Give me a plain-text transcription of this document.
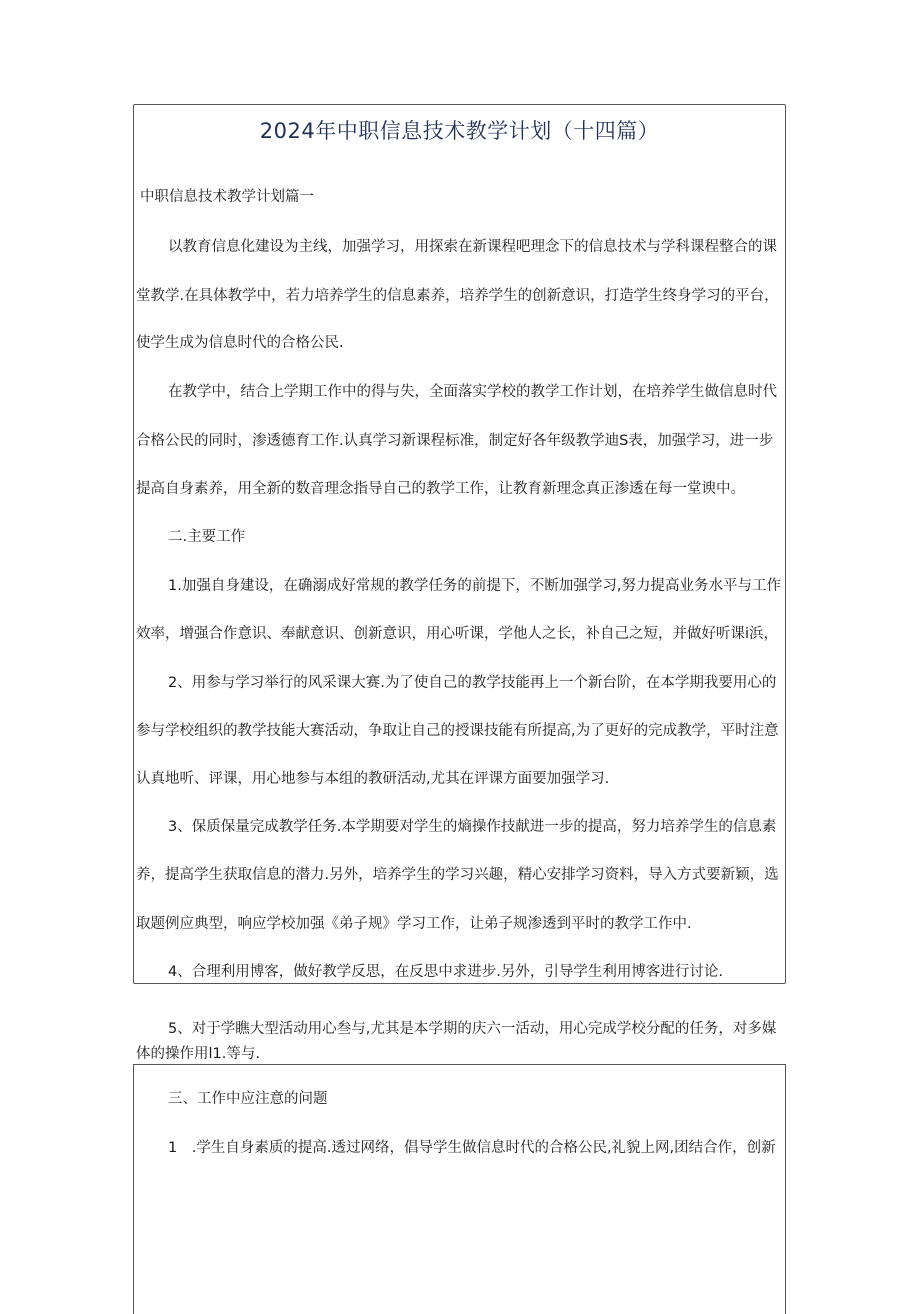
2024年中职信息技术教学计划（十四篇）
中职信息技术教学计划篇一
以教育信息化建设为主线，加强学习，用探索在新课程吧理念下的信息技术与学科课程整合的课
堂教学.在具体教学中，若力培养学生的信息素养，培养学生的创新意识，打造学生终身学习的平台，
使学生成为信息时代的合格公民.
在教学中，结合上学期工作中的得与失，全面落实学校的教学工作计划，在培养学生做信息时代
合格公民的同时，渗透德育工作.认真学习新课程标准，制定好各年级教学迪S表，加强学习，进一步
提高自身素养，用全新的数音理念指导自己的教学工作，让教育新理念真正渗透在每一堂谀中。
二.主要工作
1.加强自身建设，在确溺成好常规的教学任务的前提下，不断加强学习,努力提高业务水平与工作
效率，增强合作意识、奉献意识、创新意识，用心听课，学他人之长，补自己之短，并做好听课i浜，
2、用参与学习举行的风采课大赛.为了使自己的教学技能再上一个新台阶，在本学期我要用心的
参与学校组织的教学技能大赛活动，争取让自己的授课技能有所提高,为了更好的完成教学，平时注意
认真地听、评课，用心地参与本组的教研活动,尤其在评课方面要加强学习.
3、保质保量完成教学任务.本学期要对学生的熵操作技献进一步的提高，努力培养学生的信息素
养，提高学生获取信息的潜力.另外，培养学生的学习兴趣，精心安排学习资料，导入方式要新颖，选
取题例应典型，响应学校加强《弟子规》学习工作，让弟子规渗透到平时的教学工作中.
4、合理利用博客，做好教学反思，在反思中求进步.另外，引导学生利用博客进行讨论.
5、对于学瞧大型活动用心叁与,尤其是本学期的庆六一活动，用心完成学校分配的任务，对多媒
体的操作用l1.等与.
三、工作中应注意的问题
1　.学生自身素质的提高.透过网络，倡导学生做信息时代的合格公民,礼貌上网,团结合作，创新
